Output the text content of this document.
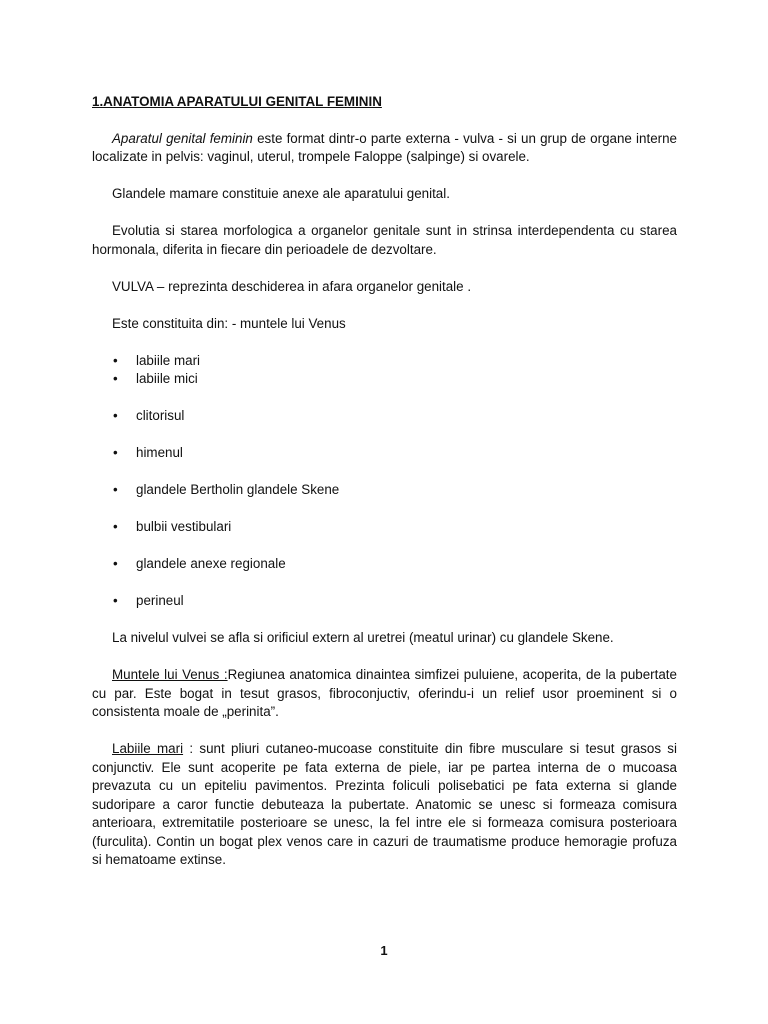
1.ANATOMIA APARATULUI GENITAL FEMININ

Aparatul genital feminin este format dintr-o parte externa - vulva - si un grup de organe interne localizate in pelvis: vaginul, uterul, trompele Faloppe (salpinge) si ovarele.

Glandele mamare constituie anexe ale aparatului genital.

Evolutia si starea morfologica a organelor genitale sunt in strinsa interdependenta cu starea hormonala, diferita in fiecare din perioadele de dezvoltare.

VULVA – reprezinta deschiderea in afara organelor genitale .

Este constituita din: - muntele lui Venus

• labiile mari
• labiile mici
• clitorisul
• himenul
• glandele Bertholin glandele Skene
• bulbii vestibulari
• glandele anexe regionale
• perineul

La nivelul vulvei se afla si orificiul extern al uretrei (meatul urinar) cu glandele Skene.

Muntele lui Venus :Regiunea anatomica dinaintea simfizei puluiene, acoperita, de la pubertate cu par. Este bogat in tesut grasos, fibroconjuctiv, oferindu-i un relief usor proeminent si o consistenta moale de „perinita”.

Labiile mari : sunt pliuri cutaneo-mucoase constituite din fibre musculare si tesut grasos si conjunctiv. Ele sunt acoperite pe fata externa de piele, iar pe partea interna de o mucoasa prevazuta cu un epiteliu pavimentos. Prezinta foliculi polisebatici pe fata externa si glande sudoripare a caror functie debuteaza la pubertate. Anatomic se unesc si formeaza comisura anterioara, extremitatile posterioare se unesc, la fel intre ele si formeaza comisura posterioara (furculita). Contin un bogat plex venos care in cazuri de traumatisme produce hemoragie profuza si hematoame extinse.

1
